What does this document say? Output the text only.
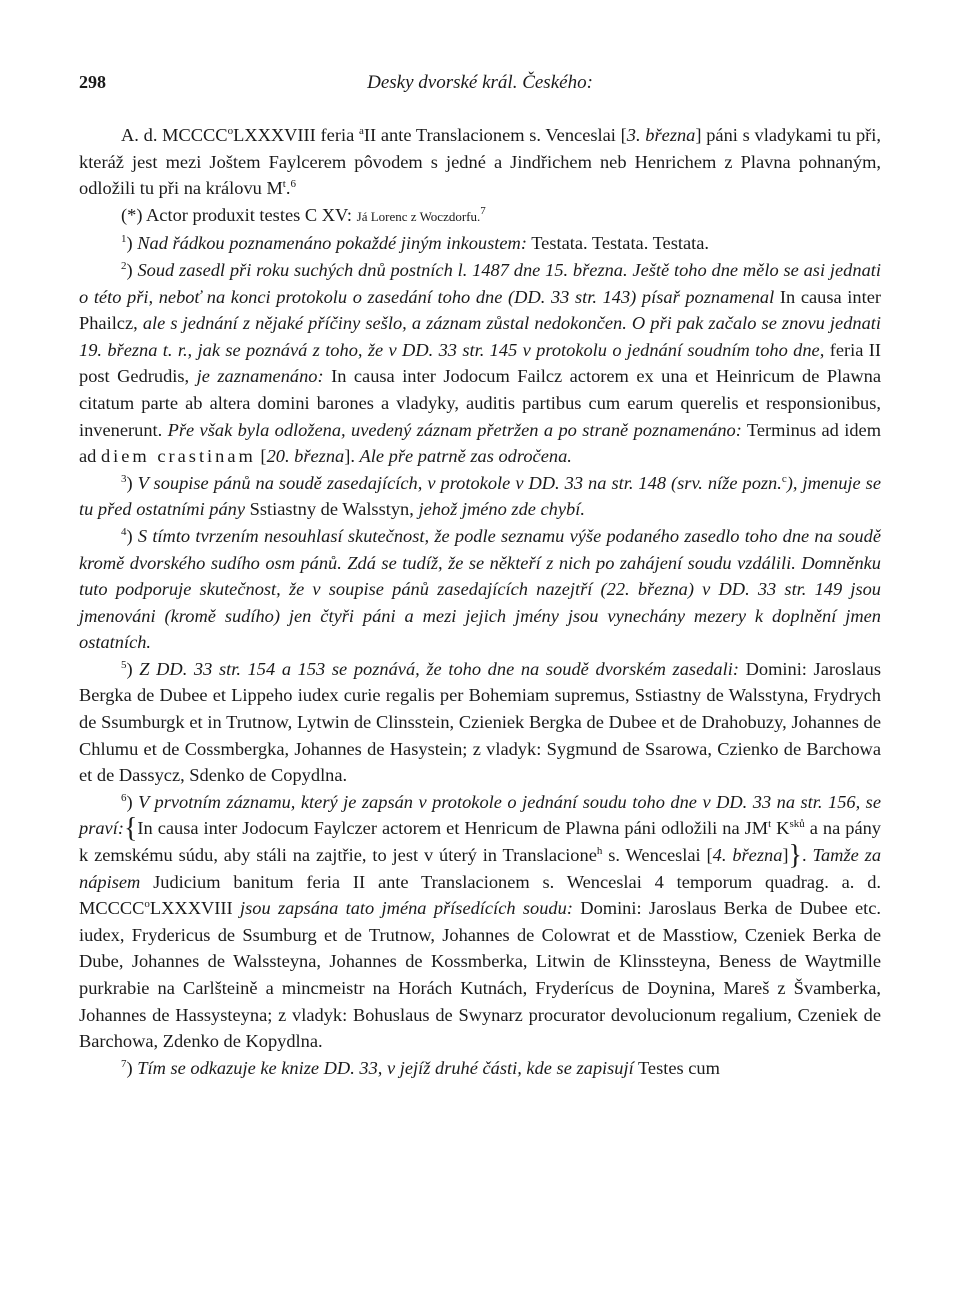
298	Desky dvorské král. Českého:

A. d. MCCCC$^o$LXXXVIII feria $^a$II ante Translacionem s. Venceslai [3. března] páni s vladykami tu při, kteráž jest mezi Joštem Faylcerem pôvodem s jedné a Jindřichem neb Henrichem z Plavna pohnaným, odložili tu při na královu $M^t.^6$

(*) Actor produxit testes C XV: Já Lorenc z Woczdorfu.$^7$

$^1$) Nad řádkou poznamenáno pokaždé jiným inkoustem: Testata. Testata. Testata.

$^2$) Soud zasedl při roku suchých dnů postních l. 1487 dne 15. března. Ještě toho dne mělo se asi jednati o této při, neboť na konci protokolu o zasedání toho dne (DD. 33 str. 143) písař poznamenal In causa inter Phailcz, ale s jednání z nějaké příčiny sešlo, a záznam zůstal nedokončen. O při pak začalo se znovu jednati 19. března t. r., jak se poznává z toho, že v DD. 33 str. 145 v protokolu o jednání soudním toho dne, feria II post Gedrudis, je zaznamenáno: In causa inter Jodocum Failcz actorem ex una et Heinricum de Plawna citatum parte ab altera domini barones a vladyky, auditis partibus cum earum querelis et responsionibus, invenerunt. Pře však byla odložena, uvedený záznam přetržen a po straně poznamenáno: Terminus ad idem ad diem crastinam [20. března]. Ale pře patrně zas odročena.

$^3$) V soupise pánů na soudě zasedajících, v protokole v DD. 33 na str. 148 (srv. níže pozn.$^c$), jmenuje se tu před ostatními pány Sstiastny de Walsstyn, jehož jméno zde chybí.

$^4$) S tímto tvrzením nesouhlasí skutečnost, že podle seznamu výše podaného zasedlo toho dne na soudě kromě dvorského sudího osm pánů. Zdá se tudíž, že se někteří z nich po zahájení soudu vzdálili. Domněnku tuto podporuje skutečnost, že v soupise pánů zasedajících nazejtří (22. března) v DD. 33 str. 149 jsou jmenováni (kromě sudího) jen čtyři páni a mezi jejich jmény jsou vynechány mezery k doplnění jmen ostatních.

$^5$) Z DD. 33 str. 154 a 153 se poznává, že toho dne na soudě dvorském zasedali: Domini: Jaroslaus Bergka de Dubee et Lippeho iudex curie regalis per Bohemiam supremus, Sstiastny de Walsstyna, Frydrych de Ssumburgk et in Trutnow, Lytwin de Clinsstein, Czieniek Bergka de Dubee et de Drahobuzy, Johannes de Chlumu et de Cossmbergka, Johannes de Hasystein; z vladyk: Sygmund de Ssarowa, Czienko de Barchowa et de Dassycz, Sdenko de Copydlna.

$^6$) V prvotním záznamu, který je zapsán v protokole o jednání soudu toho dne v DD. 33 na str. 156, se praví:{In causa inter Jodocum Faylczer actorem et Henricum de Plawna páni odložili na $JM^t$ $K^{sků}$ a na pány k zemskému súdu, aby stáli na zajtřie, to jest v úterý in Translacione$^h$ s. Wenceslai [4. března]}. Tamže za nápisem Judicium banitum feria II ante Translacionem s. Wenceslai 4 temporum quadrag. a. d. MCCCC$^o$LXXXVIII jsou zapsána tato jména přísedících soudu: Domini: Jaroslaus Berka de Dubee etc. iudex, Frydericus de Ssumburg et de Trutnow, Johannes de Colowrat et de Masstiow, Czeniek Berka de Dube, Johannes de Walssteyna, Johannes de Kossmberka, Litwin de Klinssteyna, Beness de Waytmille purkrabie na Carlšteině a mincmeistr na Horách Kutnách, Fryderícus de Doynina, Mareš z Švamberka, Johannes de Hassysteyna; z vladyk: Bohuslaus de Swynarz procurator devolucionum regalium, Czeniek de Barchowa, Zdenko de Kopydlna.

$^7$) Tím se odkazuje ke knize DD. 33, v jejíž druhé části, kde se zapisují Testes cum
